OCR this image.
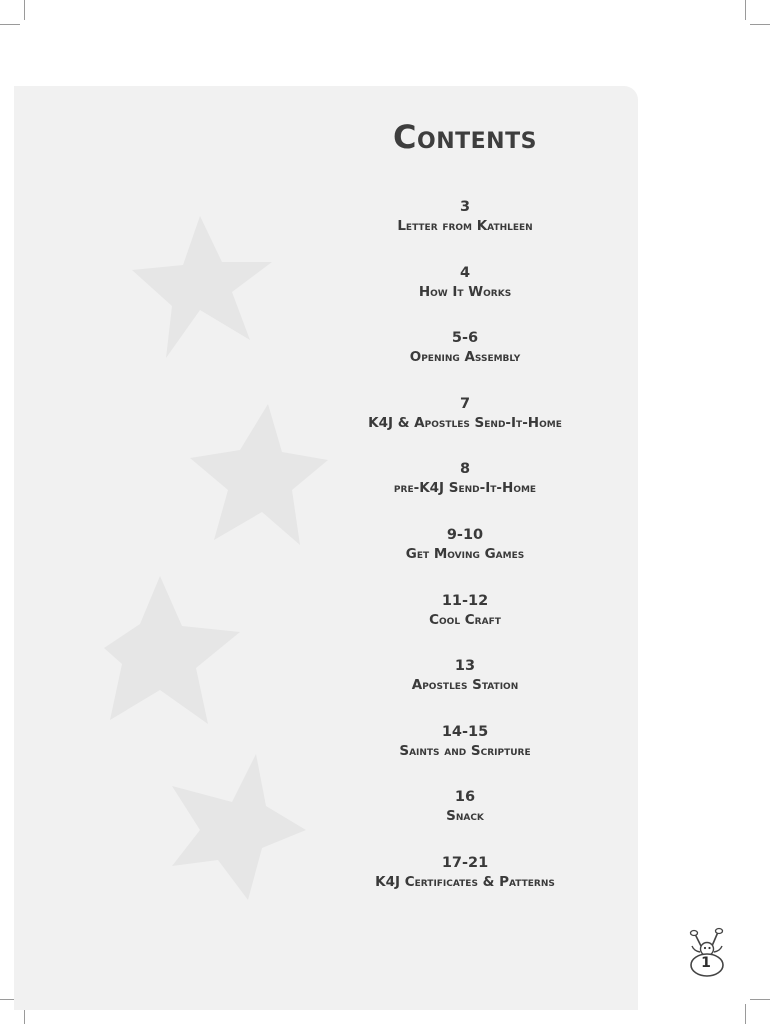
Contents
3
Letter from Kathleen
4
How It Works
5-6
Opening Assembly
7
K4J & Apostles Send-It-Home
8
pre-K4J Send-It-Home
9-10
Get Moving Games
11-12
Cool Craft
13
Apostles Station
14-15
Saints and Scripture
16
Snack
17-21
K4J Certificates & Patterns
1
